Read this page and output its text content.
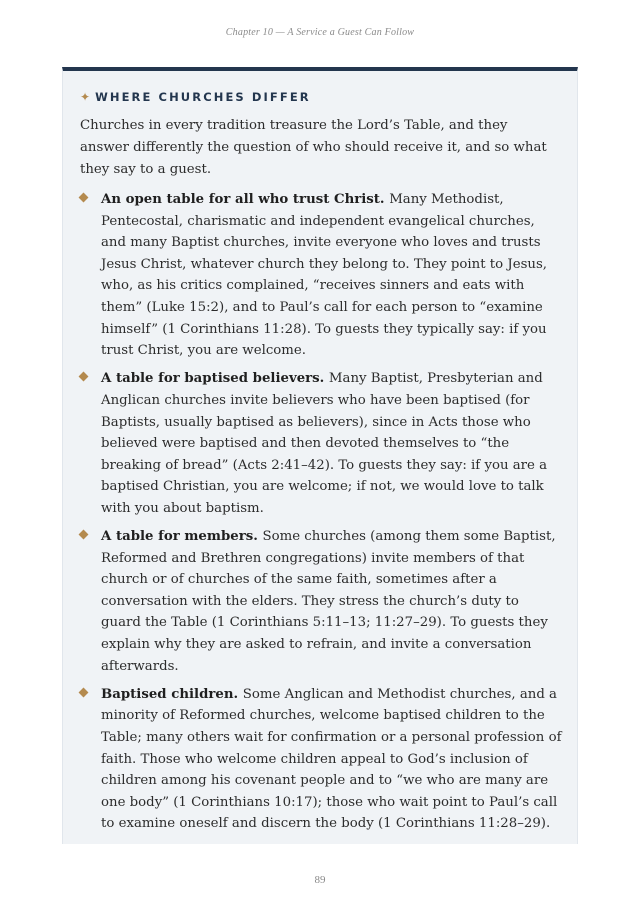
Chapter 10 — A Service a Guest Can Follow
✦ WHERE CHURCHES DIFFER

Churches in every tradition treasure the Lord’s Table, and they answer differently the question of who should receive it, and so what they say to a guest.

An open table for all who trust Christ. Many Methodist, Pentecostal, charismatic and independent evangelical churches, and many Baptist churches, invite everyone who loves and trusts Jesus Christ, whatever church they belong to. They point to Jesus, who, as his critics complained, “receives sinners and eats with them” (Luke 15:2), and to Paul’s call for each person to “examine himself” (1 Corinthians 11:28). To guests they typically say: if you trust Christ, you are welcome.
A table for baptised believers. Many Baptist, Presbyterian and Anglican churches invite believers who have been baptised (for Baptists, usually baptised as believers), since in Acts those who believed were baptised and then devoted themselves to “the breaking of bread” (Acts 2:41–42). To guests they say: if you are a baptised Christian, you are welcome; if not, we would love to talk with you about baptism.
A table for members. Some churches (among them some Baptist, Reformed and Brethren congregations) invite members of that church or of churches of the same faith, sometimes after a conversation with the elders. They stress the church’s duty to guard the Table (1 Corinthians 5:11–13; 11:27–29). To guests they explain why they are asked to refrain, and invite a conversation afterwards.
Baptised children. Some Anglican and Methodist churches, and a minority of Reformed churches, welcome baptised children to the Table; many others wait for confirmation or a personal profession of faith. Those who welcome children appeal to God’s inclusion of children among his covenant people and to “we who are many are one body” (1 Corinthians 10:17); those who wait point to Paul’s call to examine oneself and discern the body (1 Corinthians 11:28–29).
89
